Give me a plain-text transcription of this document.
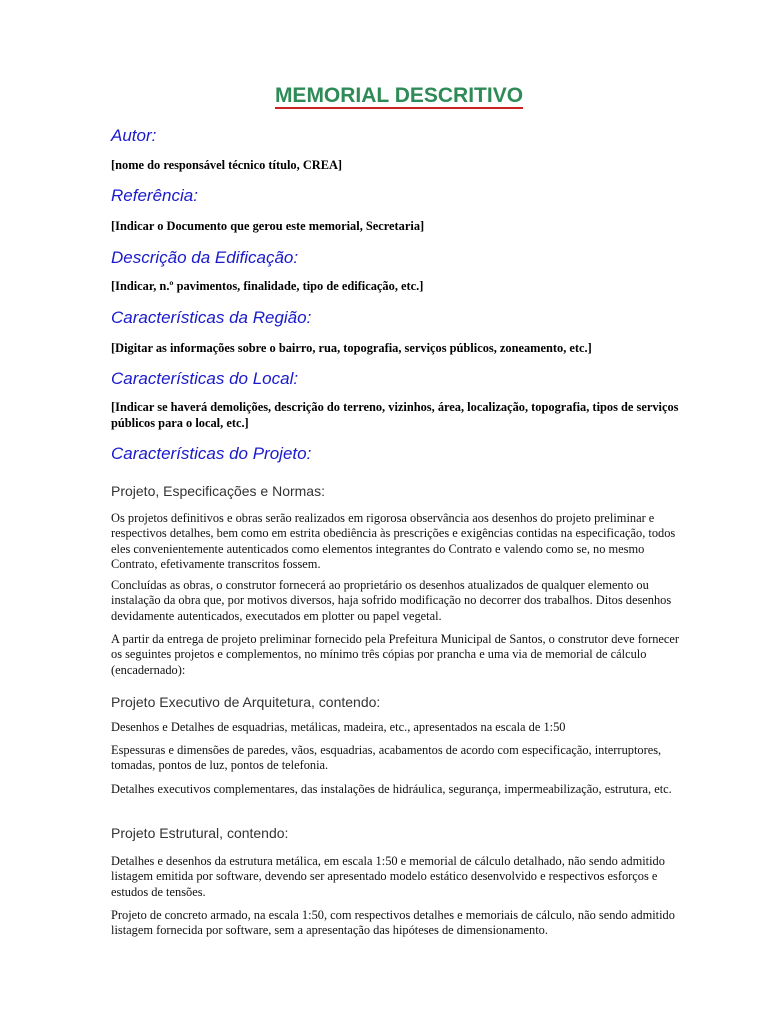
MEMORIAL DESCRITIVO
Autor:
[nome do responsável técnico título, CREA]
Referência:
[Indicar o Documento que gerou este memorial, Secretaria]
Descrição da Edificação:
[Indicar, n.º pavimentos, finalidade, tipo de edificação, etc.]
Características da Região:
[Digitar as informações sobre o bairro, rua, topografia, serviços públicos, zoneamento, etc.]
Características do Local:
[Indicar se haverá demolições, descrição do terreno, vizinhos, área, localização, topografia, tipos de serviços públicos para o local, etc.]
Características do Projeto:
Projeto, Especificações e Normas:
Os projetos definitivos e obras serão realizados em rigorosa observância aos desenhos do projeto preliminar e respectivos detalhes, bem como em estrita obediência às prescrições e exigências contidas na especificação, todos eles convenientemente autenticados como elementos integrantes do Contrato e valendo como se, no mesmo Contrato, efetivamente transcritos fossem.
Concluídas as obras, o construtor fornecerá ao proprietário os desenhos atualizados de qualquer elemento ou instalação da obra que, por motivos diversos, haja sofrido modificação no decorrer dos trabalhos. Ditos desenhos devidamente autenticados, executados em plotter ou papel vegetal.
A partir da entrega de projeto preliminar fornecido pela Prefeitura Municipal de Santos, o construtor deve fornecer os seguintes projetos e complementos, no mínimo três cópias por prancha e uma via de memorial de cálculo (encadernado):
Projeto Executivo de Arquitetura, contendo:
Desenhos e Detalhes de esquadrias, metálicas, madeira, etc., apresentados na escala de 1:50
Espessuras e dimensões de paredes, vãos, esquadrias, acabamentos de acordo com especificação, interruptores, tomadas, pontos de luz, pontos de telefonia.
Detalhes executivos complementares, das instalações de hidráulica, segurança, impermeabilização, estrutura, etc.
Projeto Estrutural, contendo:
Detalhes e desenhos da estrutura metálica, em escala 1:50 e memorial de cálculo detalhado, não sendo admitido listagem emitida por software, devendo ser apresentado modelo estático desenvolvido e respectivos esforços e estudos de tensões.
Projeto de concreto armado, na escala 1:50, com respectivos detalhes e memoriais de cálculo, não sendo admitido listagem fornecida por software, sem a apresentação das hipóteses de dimensionamento.
